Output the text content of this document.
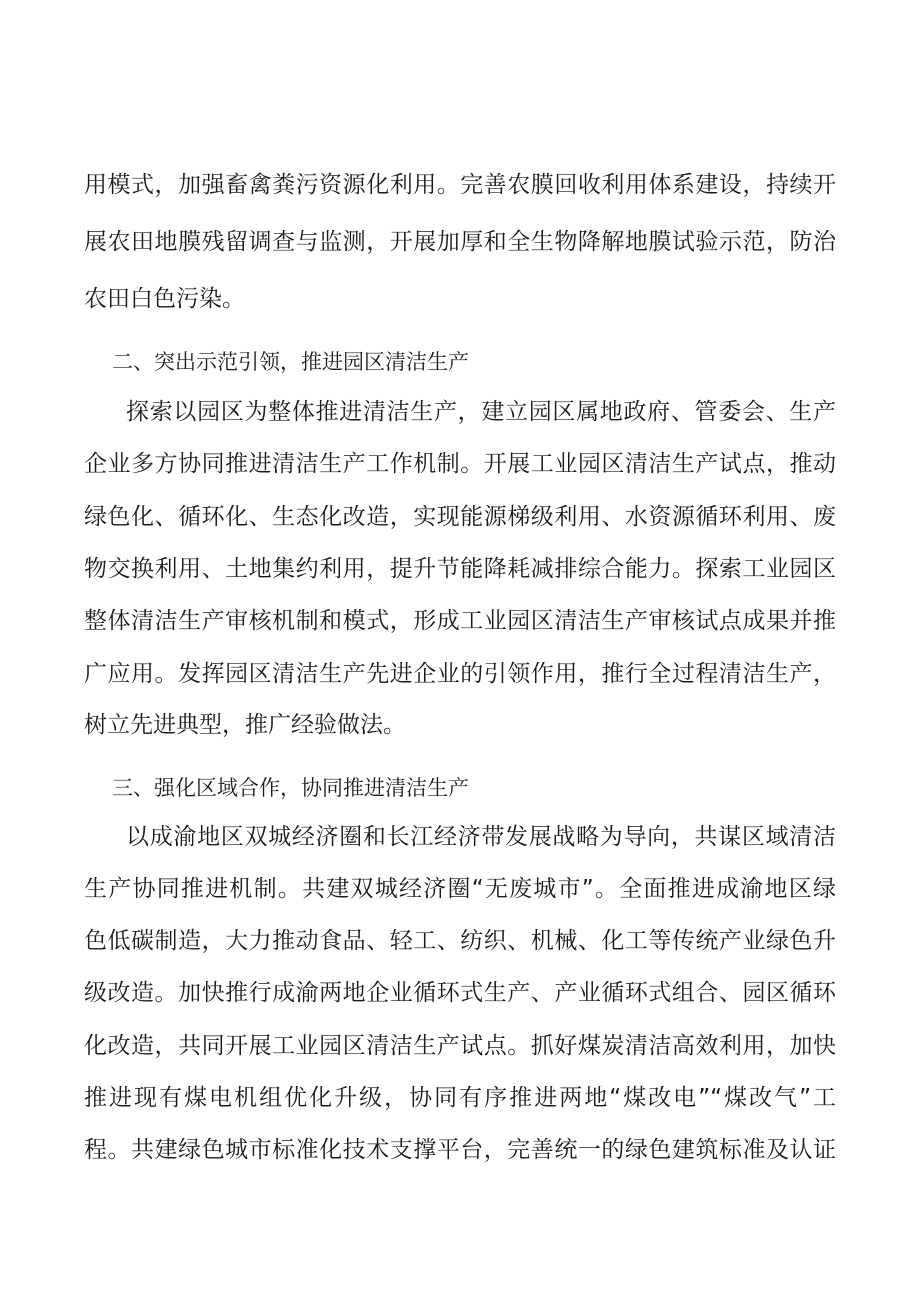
用模式，加强畜禽粪污资源化利用。完善农膜回收利用体系建设，持续开
展农田地膜残留调查与监测，开展加厚和全生物降解地膜试验示范，防治
农田白色污染。
二、突出示范引领，推进园区清洁生产
探索以园区为整体推进清洁生产，建立园区属地政府、管委会、生产
企业多方协同推进清洁生产工作机制。开展工业园区清洁生产试点，推动
绿色化、循环化、生态化改造，实现能源梯级利用、水资源循环利用、废
物交换利用、土地集约利用，提升节能降耗减排综合能力。探索工业园区
整体清洁生产审核机制和模式，形成工业园区清洁生产审核试点成果并推
广应用。发挥园区清洁生产先进企业的引领作用，推行全过程清洁生产，
树立先进典型，推广经验做法。
三、强化区域合作，协同推进清洁生产
以成渝地区双城经济圈和长江经济带发展战略为导向，共谋区域清洁
生产协同推进机制。共建双城经济圈“无废城市”。全面推进成渝地区绿
色低碳制造，大力推动食品、轻工、纺织、机械、化工等传统产业绿色升
级改造。加快推行成渝两地企业循环式生产、产业循环式组合、园区循环
化改造，共同开展工业园区清洁生产试点。抓好煤炭清洁高效利用，加快
推进现有煤电机组优化升级，协同有序推进两地“煤改电”“煤改气”工
程。共建绿色城市标准化技术支撑平台，完善统一的绿色建筑标准及认证
